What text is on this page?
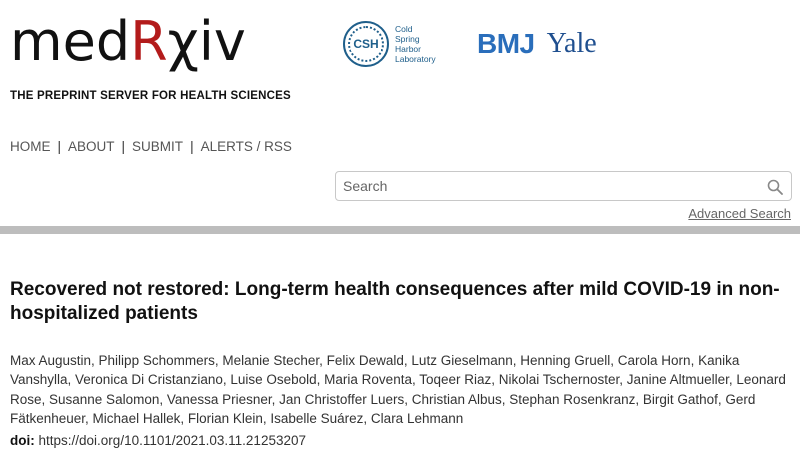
medRχiv
THE PREPRINT SERVER FOR HEALTH SCIENCES
CSH
Cold
Spring
Harbor
Laboratory	BMJ Yale
HOME | ABOUT | SUBMIT | ALERTS / RSS
Search
Advanced Search
Recovered not restored: Long-term health consequences after mild COVID-19 in non-hospitalized patients

Max Augustin, Philipp Schommers, Melanie Stecher, Felix Dewald, Lutz Gieselmann, Henning Gruell, Carola Horn, Kanika Vanshylla, Veronica Di Cristanziano, Luise Osebold, Maria Roventa, Toqeer Riaz, Nikolai Tschernoster, Janine Altmueller, Leonard Rose, Susanne Salomon, Vanessa Priesner, Jan Christoffer Luers, Christian Albus, Stephan Rosenkranz, Birgit Gathof, Gerd Fätkenheuer, Michael Hallek, Florian Klein, Isabelle Suárez, Clara Lehmann

doi: https://doi.org/10.1101/2021.03.11.21253207
